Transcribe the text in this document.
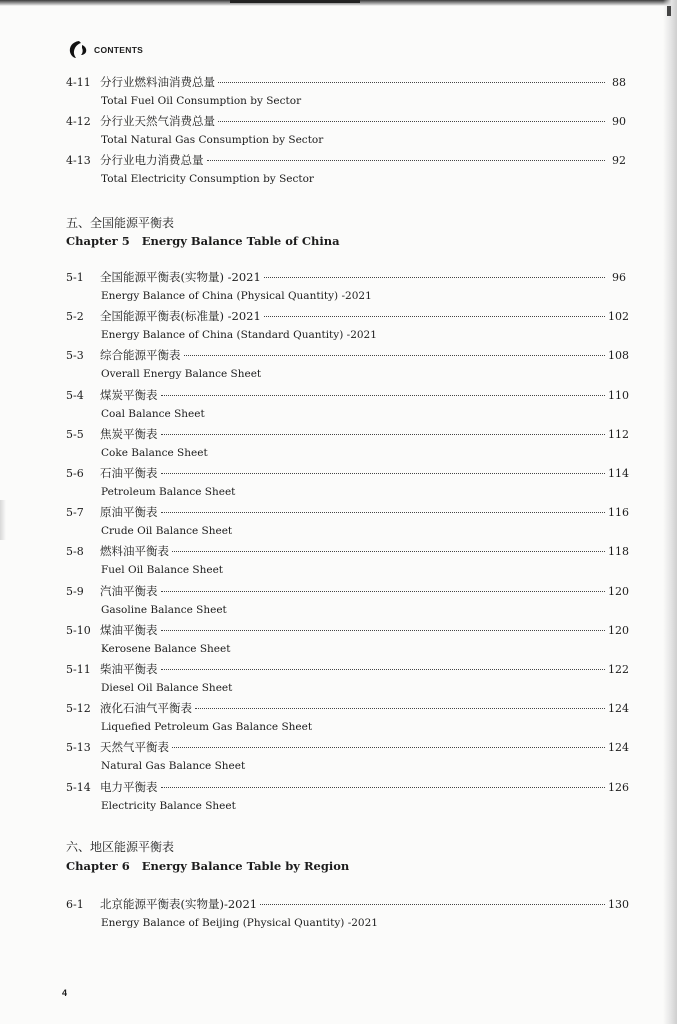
CONTENTS
4-11 分行业燃料油消费总量	88
Total Fuel Oil Consumption by Sector
4-12 分行业天然气消费总量	90
Total Natural Gas Consumption by Sector
4-13 分行业电力消费总量	92
Total Electricity Consumption by Sector
五、全国能源平衡表
Chapter 5 Energy Balance Table of China
5-1	全国能源平衡表(实物量) -2021	96
Energy Balance of China (Physical Quantity) -2021
5-2	全国能源平衡表(标准量) -2021	102
Energy Balance of China (Standard Quantity) -2021
5-3	综合能源平衡表	108
Overall Energy Balance Sheet
5-4	煤炭平衡表	110
Coal Balance Sheet
5-5	焦炭平衡表	112
Coke Balance Sheet
5-6	石油平衡表	114
Petroleum Balance Sheet
5-7	原油平衡表	116
Crude Oil Balance Sheet
5-8	燃料油平衡表	118
Fuel Oil Balance Sheet
5-9	汽油平衡表	120
Gasoline Balance Sheet
5-10 煤油平衡表	120
Kerosene Balance Sheet
5-11 柴油平衡表	122
Diesel Oil Balance Sheet
5-12 液化石油气平衡表	124
Liquefied Petroleum Gas Balance Sheet
5-13 天然气平衡表	124
Natural Gas Balance Sheet
5-14 电力平衡表	126
Electricity Balance Sheet
六、地区能源平衡表
Chapter 6 Energy Balance Table by Region
6-1	北京能源平衡表(实物量)-2021	130
Energy Balance of Beijing (Physical Quantity) -2021
4
